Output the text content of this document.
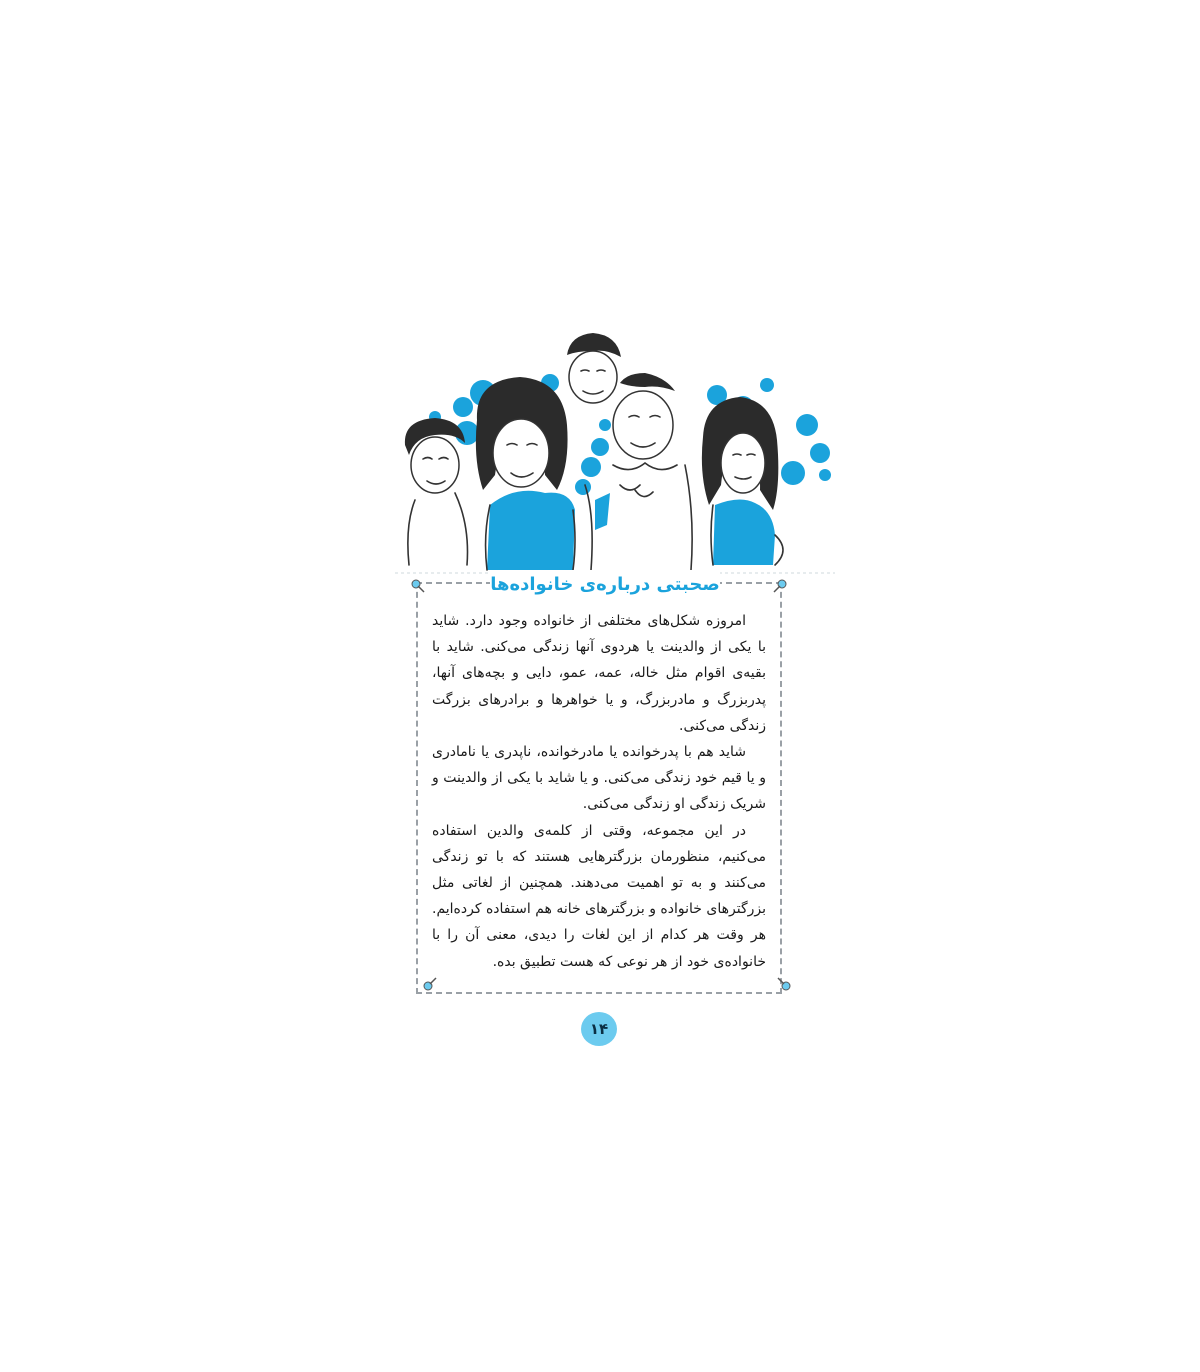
صحبتی درباره‌ی خانواده‌ها

امروزه شکل‌های مختلفی از خانواده وجود دارد. شاید با یکی از والدینت یا هردوی آنها زندگی می‌کنی. شاید با بقیه‌ی اقوام مثل خاله، عمه، عمو، دایی و بچه‌های آنها، پدربزرگ و مادربزرگ، و یا خواهرها و برادرهای بزرگت زندگی می‌کنی.

شاید هم با پدرخوانده یا مادرخوانده، ناپدری یا نامادری و یا قیم خود زندگی می‌کنی. و یا شاید با یکی از والدینت و شریک زندگی او زندگی می‌کنی.

در این مجموعه، وقتی از کلمه‌ی والدین استفاده می‌کنیم، منظورمان بزرگترهایی هستند که با تو زندگی می‌کنند و به تو اهمیت می‌دهند. همچنین از لغاتی مثل بزرگترهای خانواده و بزرگترهای خانه هم استفاده کرده‌ایم. هر وقت هر کدام از این لغات را دیدی، معنی آن را با خانواده‌ی خود از هر نوعی که هست تطبیق بده.

۱۴
